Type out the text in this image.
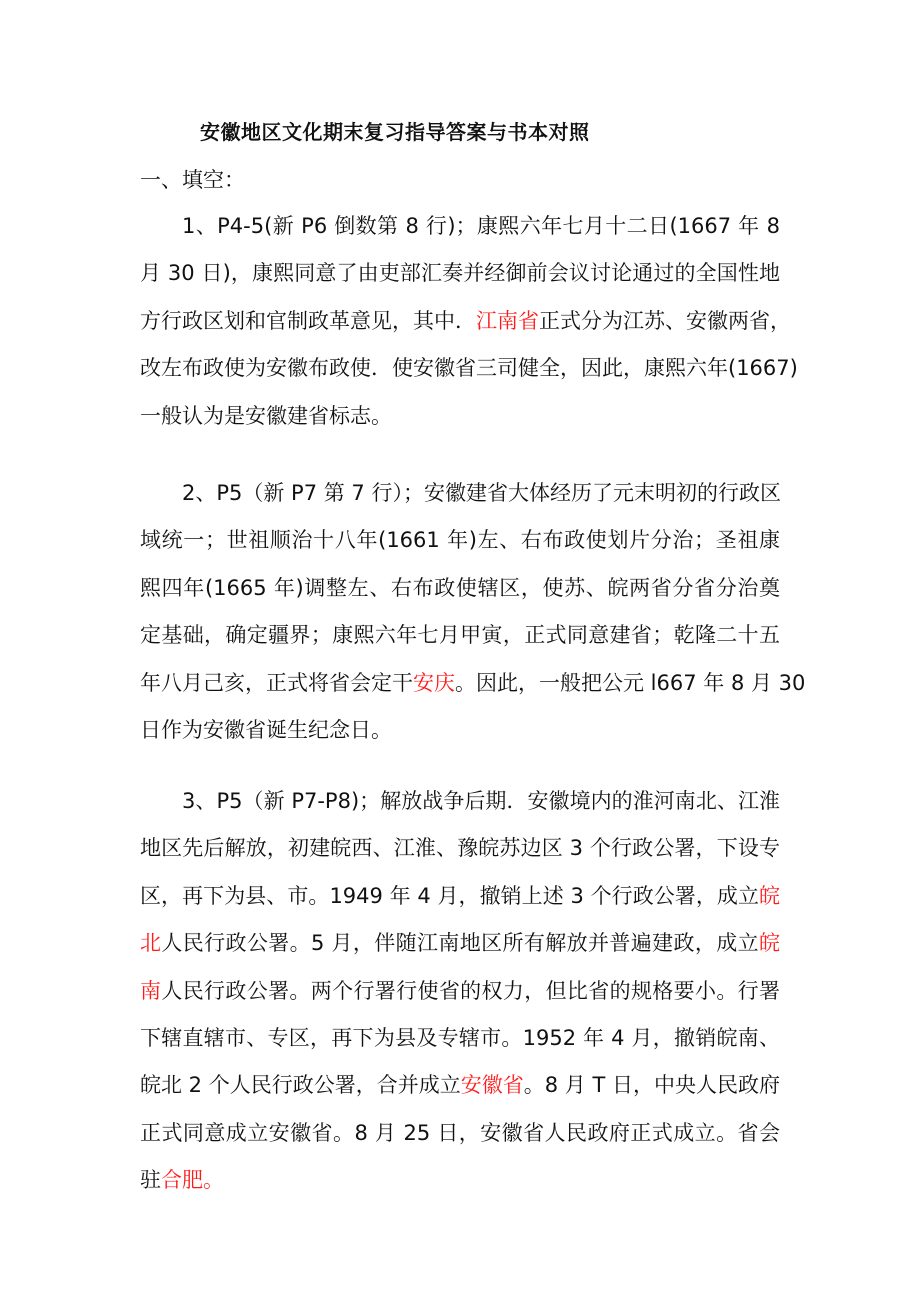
安徽地区文化期末复习指导答案与书本对照
一、填空：
1、P4-5(新 P6 倒数第 8 行)；康熙六年七月十二日(1667 年 8
月 30 日)，康熙同意了由吏部汇奏并经御前会议讨论通过的全国性地
方行政区划和官制政革意见，其中．江南省正式分为江苏、安徽两省，
改左布政使为安徽布政使．使安徽省三司健全，因此，康熙六年(1667)
一般认为是安徽建省标志。
2、P5（新 P7 第 7 行）；安徽建省大体经历了元末明初的行政区
域统一；世祖顺治十八年(1661 年)左、右布政使划片分治；圣祖康
熙四年(1665 年)调整左、右布政使辖区，使苏、皖两省分省分治奠
定基础，确定疆界；康熙六年七月甲寅，正式同意建省；乾隆二十五
年八月己亥，正式将省会定干安庆。因此，一般把公元 l667 年 8 月 30
日作为安徽省诞生纪念日。
3、P5（新 P7-P8)；解放战争后期．安徽境内的淮河南北、江淮
地区先后解放，初建皖西、江淮、豫皖苏边区 3 个行政公署，下设专
区，再下为县、市。1949 年 4 月，撤销上述 3 个行政公署，成立皖
北人民行政公署。5 月，伴随江南地区所有解放并普遍建政，成立皖
南人民行政公署。两个行署行使省的权力，但比省的规格要小。行署
下辖直辖市、专区，再下为县及专辖市。1952 年 4 月，撤销皖南、
皖北 2 个人民行政公署，合并成立安徽省。8 月 T 日，中央人民政府
正式同意成立安徽省。8 月 25 日，安徽省人民政府正式成立。省会
驻合肥。
